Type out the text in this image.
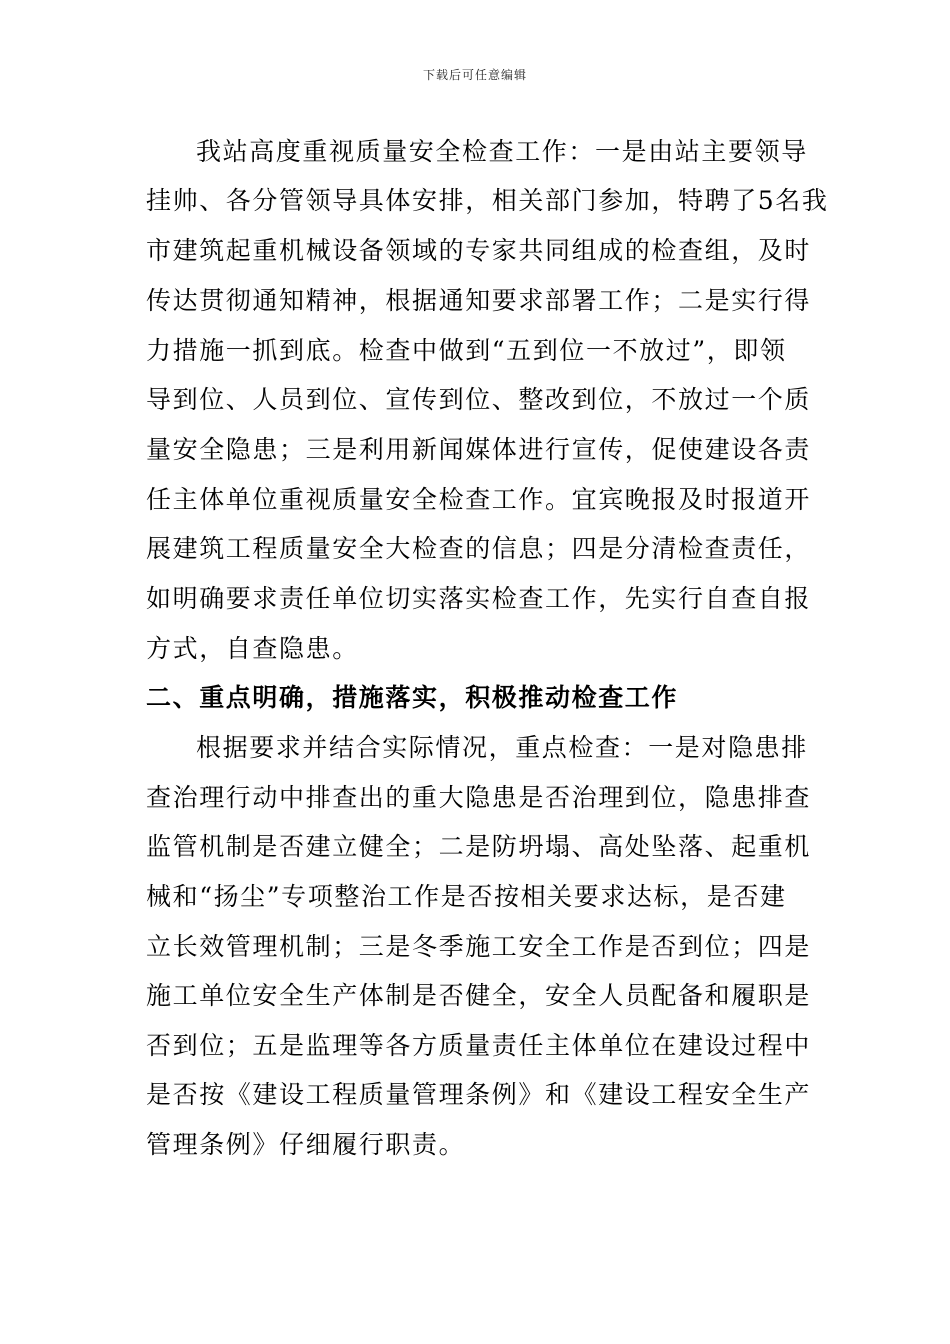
下载后可任意编辑
我站高度重视质量安全检查工作：一是由站主要领导
挂帅、各分管领导具体安排，相关部门参加，特聘了5名我
市建筑起重机械设备领域的专家共同组成的检查组，及时
传达贯彻通知精神，根据通知要求部署工作；二是实行得
力措施一抓到底。检查中做到“五到位一不放过”，即领
导到位、人员到位、宣传到位、整改到位，不放过一个质
量安全隐患；三是利用新闻媒体进行宣传，促使建设各责
任主体单位重视质量安全检查工作。宜宾晚报及时报道开
展建筑工程质量安全大检查的信息；四是分清检查责任，
如明确要求责任单位切实落实检查工作，先实行自查自报
方式，自查隐患。
二、重点明确，措施落实，积极推动检查工作
根据要求并结合实际情况，重点检查：一是对隐患排
查治理行动中排查出的重大隐患是否治理到位，隐患排查
监管机制是否建立健全；二是防坍塌、高处坠落、起重机
械和“扬尘”专项整治工作是否按相关要求达标，是否建
立长效管理机制；三是冬季施工安全工作是否到位；四是
施工单位安全生产体制是否健全，安全人员配备和履职是
否到位；五是监理等各方质量责任主体单位在建设过程中
是否按《建设工程质量管理条例》和《建设工程安全生产
管理条例》仔细履行职责。
